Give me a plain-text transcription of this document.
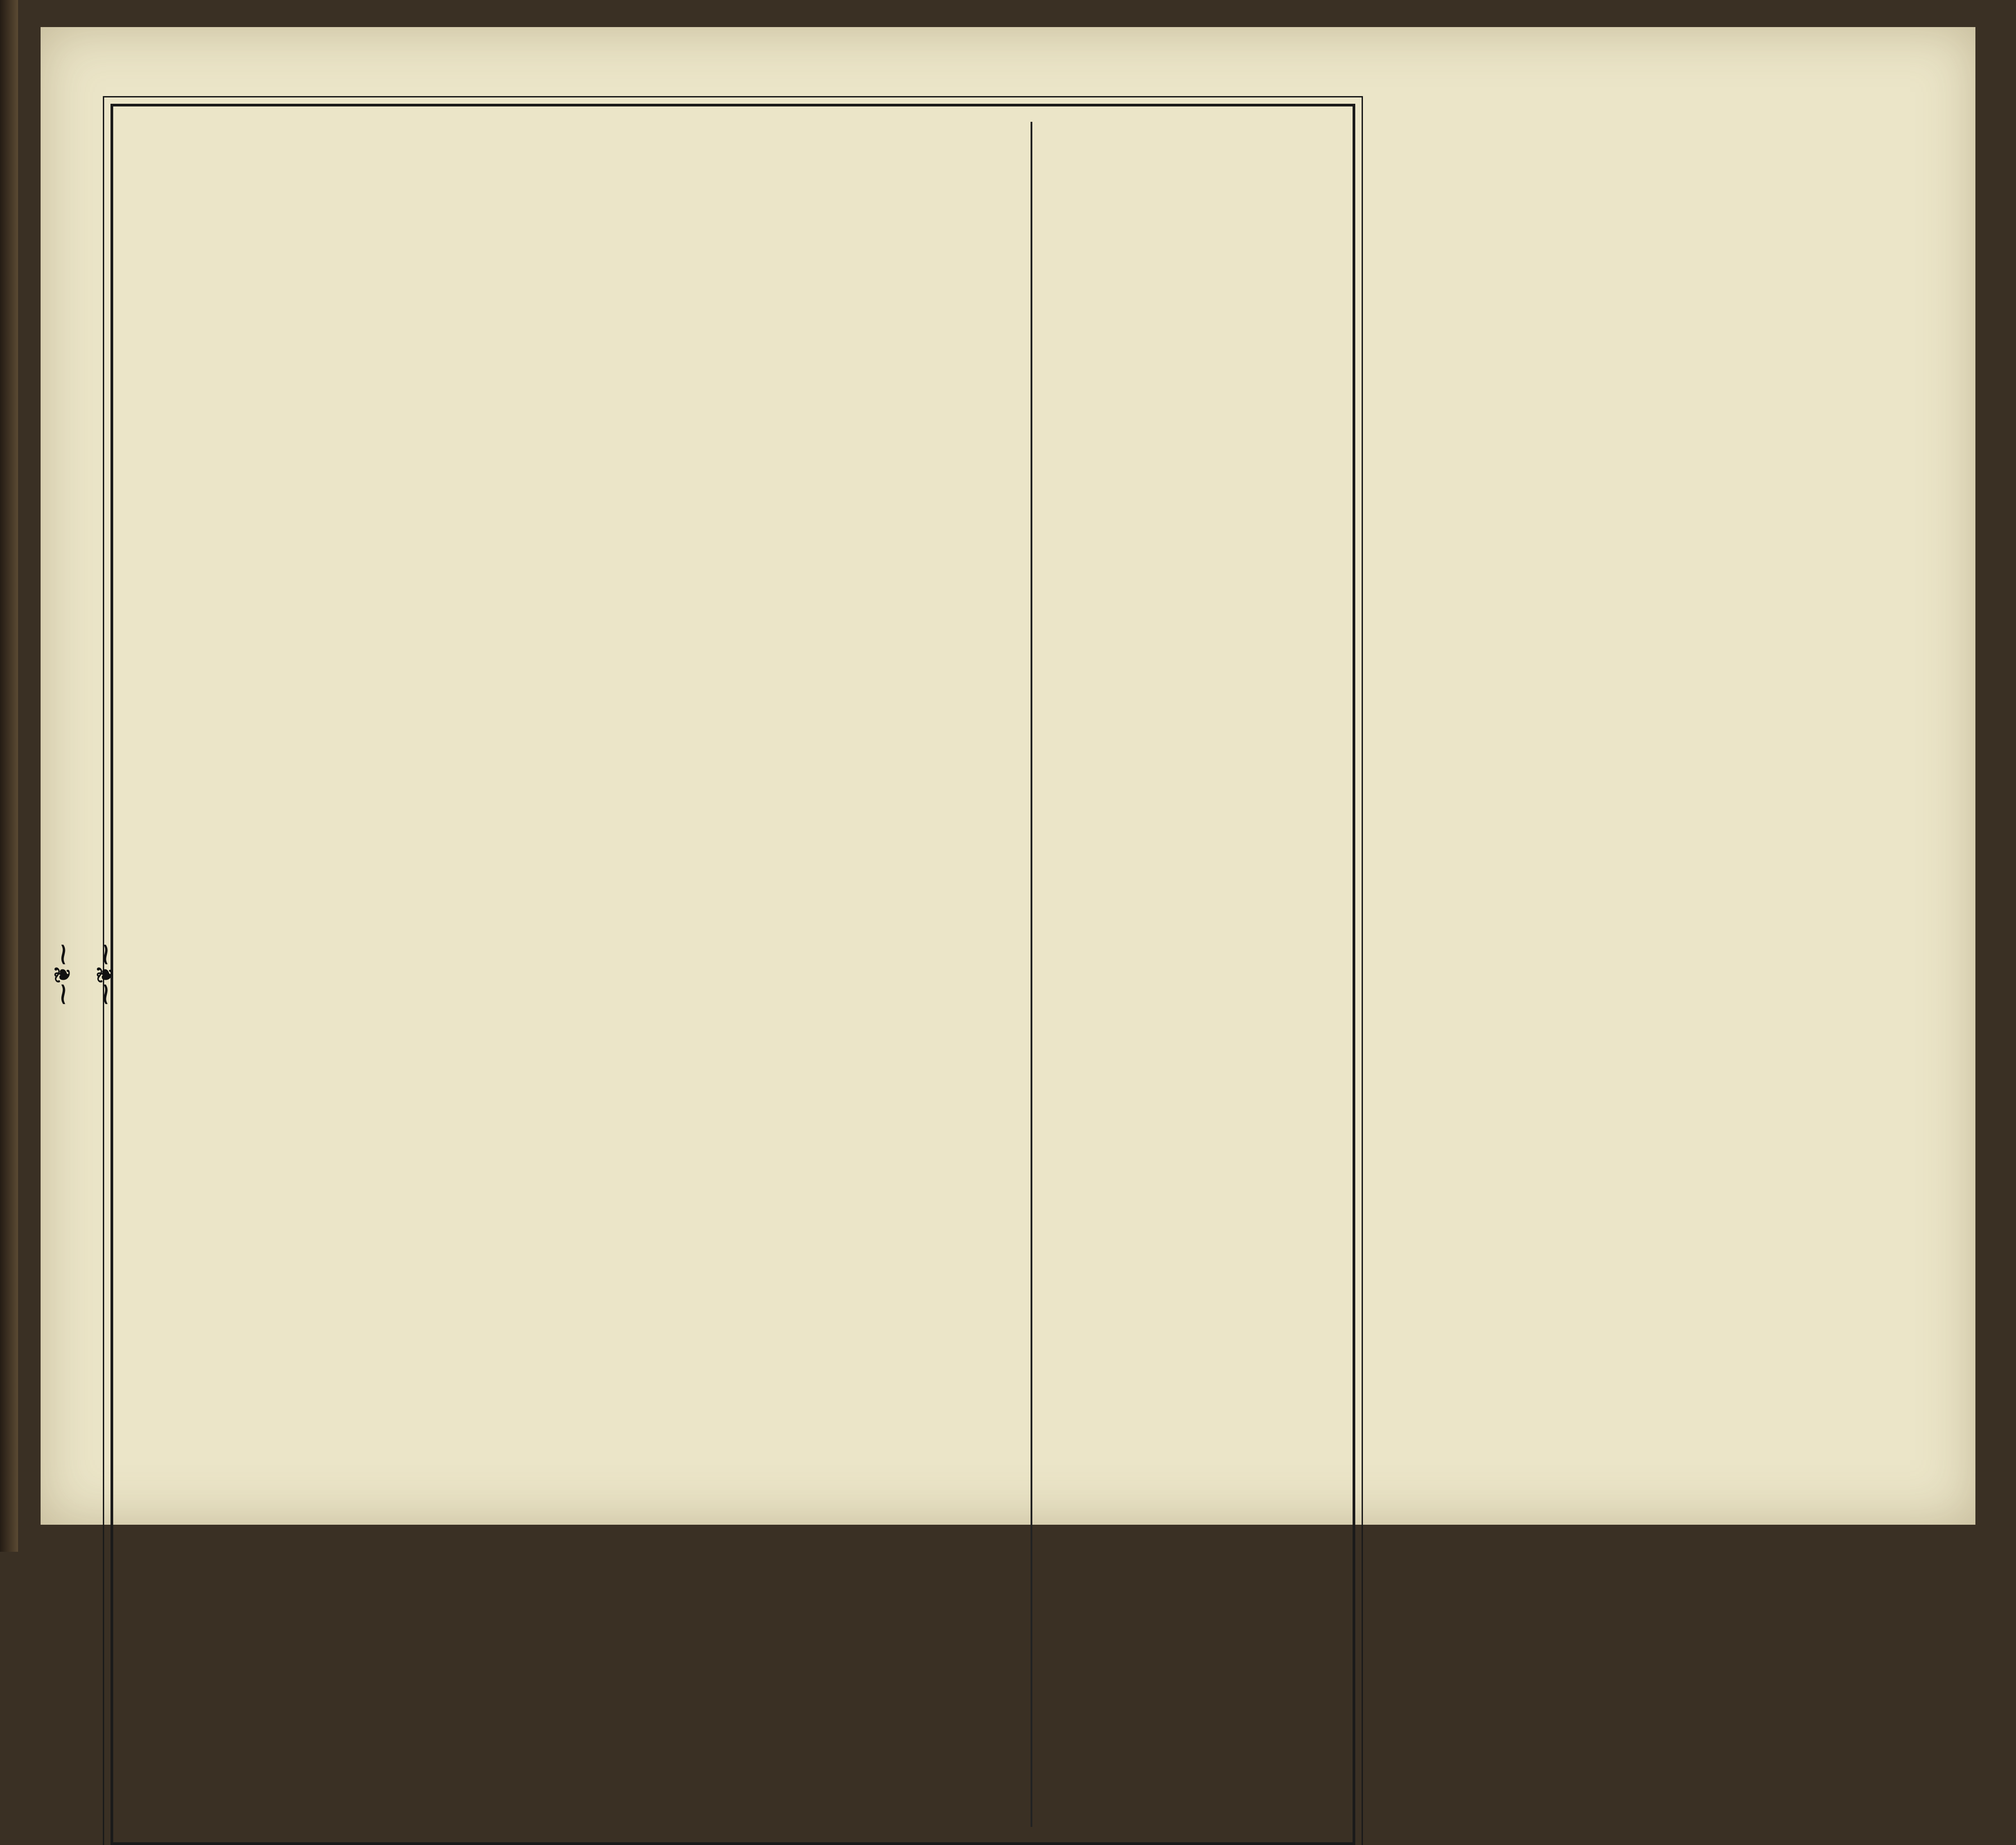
⁓❦⁓ ⁓❦⁓
